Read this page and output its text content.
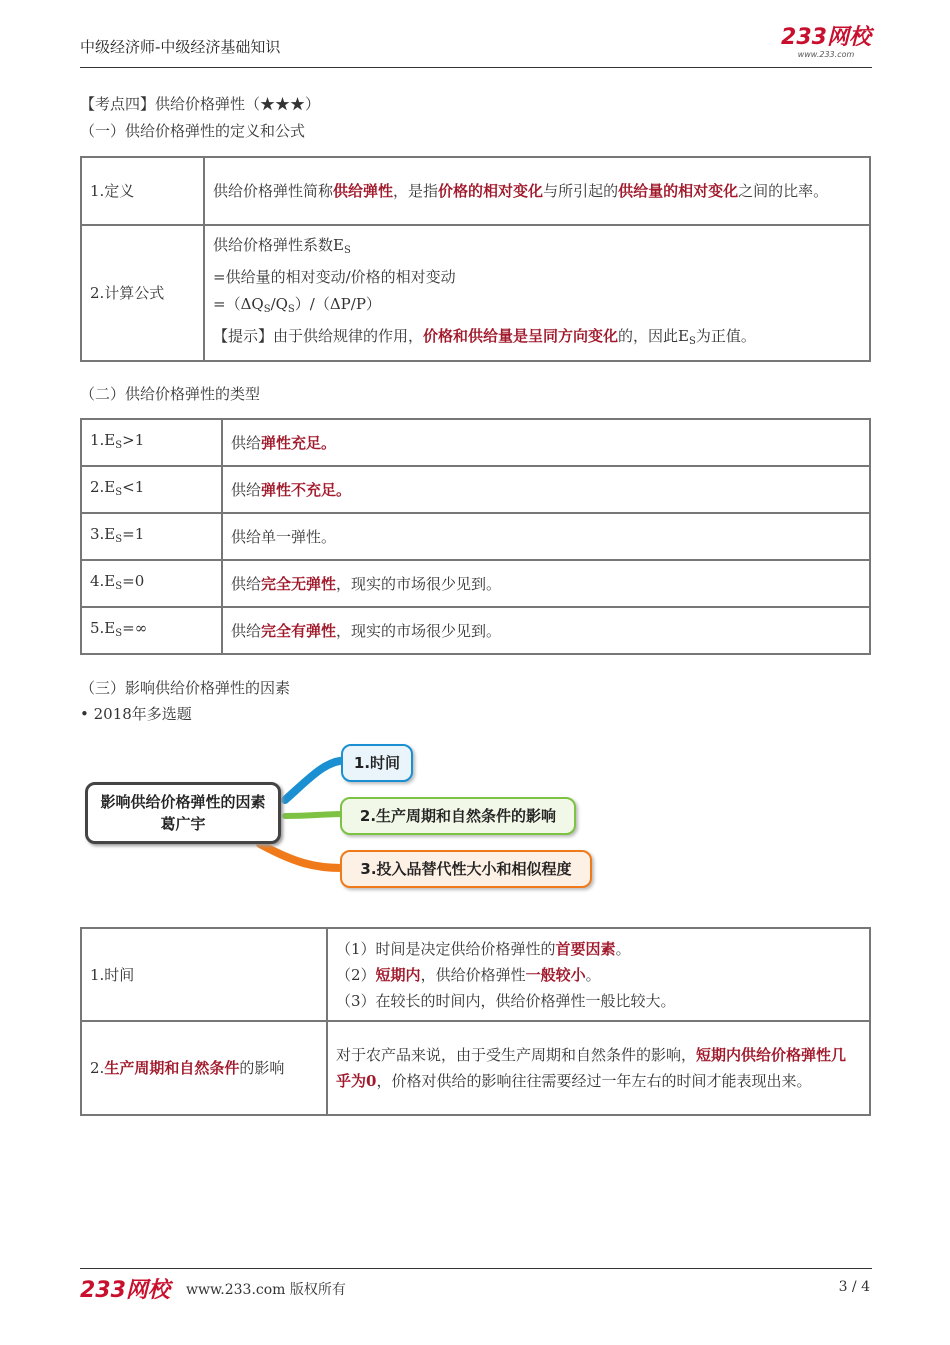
中级经济师-中级经济基础知识	233网校
www.233.com
【考点四】供给价格弹性（★★★）
（一）供给价格弹性的定义和公式
1.定义	供给价格弹性简称供给弹性，是指价格的相对变化与所引起的供给量的相对变化之间的比率。
2.计算公式	供给价格弹性系数$E_S$
=供给量的相对变动/价格的相对变动
$=(\Delta Q_S/Q_S)/(\Delta P/P)$
【提示】由于供给规律的作用，价格和供给量是呈同方向变化的，因此$E_S$为正值。
（二）供给价格弹性的类型
$1.E_S>1$	供给弹性充足。
$2.E_S<1$	供给弹性不充足。
$3.E_S=1$	供给单一弹性。
$4.E_S=0$	供给完全无弹性，现实的市场很少见到。
$5.E_S=\infty$	供给完全有弹性，现实的市场很少见到。
（三）影响供给价格弹性的因素
• 2018年多选题
影响供给价格弹性的因素
葛广宇
1.时间
2.生产周期和自然条件的影响
3.投入品替代性大小和相似程度
1.时间	（1）时间是决定供给价格弹性的首要因素。
（2）短期内，供给价格弹性一般较小。
（3）在较长的时间内，供给价格弹性一般比较大。

2.生产周期和自然条件的影响	对于农产品来说，由于受生产周期和自然条件的影响，短期内供给价格弹性几乎为0，价格对供给的影响往往需要经过一年左右的时间才能表现出来。
233网校 www.233.com 版权所有	3 / 4
